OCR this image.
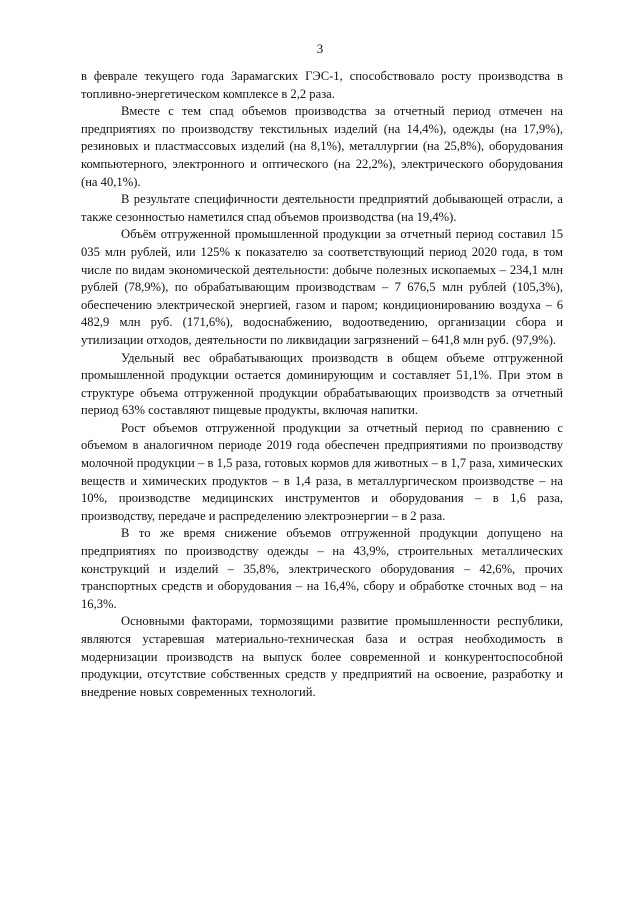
3

в феврале текущего года Зарамагских ГЭС-1, способствовало росту производства в топливно-энергетическом комплексе в 2,2 раза.

Вместе с тем спад объемов производства за отчетный период отмечен на предприятиях по производству текстильных изделий (на 14,4%), одежды (на 17,9%), резиновых и пластмассовых изделий (на 8,1%), металлургии (на 25,8%), оборудования компьютерного, электронного и оптического (на 22,2%), электрического оборудования (на 40,1%).

В результате специфичности деятельности предприятий добывающей отрасли, а также сезонностью наметился спад объемов производства (на 19,4%).

Объём отгруженной промышленной продукции за отчетный период составил 15 035 млн рублей, или 125% к показателю за соответствующий период 2020 года, в том числе по видам экономической деятельности: добыче полезных ископаемых – 234,1 млн рублей (78,9%), по обрабатывающим производствам – 7 676,5 млн рублей (105,3%), обеспечению электрической энергией, газом и паром; кондиционированию воздуха – 6 482,9 млн руб. (171,6%), водоснабжению, водоотведению, организации сбора и утилизации отходов, деятельности по ликвидации загрязнений – 641,8 млн руб. (97,9%).

Удельный вес обрабатывающих производств в общем объеме отгруженной промышленной продукции остается доминирующим и составляет 51,1%. При этом в структуре объема отгруженной продукции обрабатывающих производств за отчетный период 63% составляют пищевые продукты, включая напитки.

Рост объемов отгруженной продукции за отчетный период по сравнению с объемом в аналогичном периоде 2019 года обеспечен предприятиями по производству молочной продукции – в 1,5 раза, готовых кормов для животных – в 1,7 раза, химических веществ и химических продуктов – в 1,4 раза, в металлургическом производстве – на 10%, производстве медицинских инструментов и оборудования – в 1,6 раза, производству, передаче и распределению электроэнергии – в 2 раза.

В то же время снижение объемов отгруженной продукции допущено на предприятиях по производству одежды – на 43,9%, строительных металлических конструкций и изделий – 35,8%, электрического оборудования – 42,6%, прочих транспортных средств и оборудования – на 16,4%, сбору и обработке сточных вод – на 16,3%.

Основными факторами, тормозящими развитие промышленности республики, являются устаревшая материально-техническая база и острая необходимость в модернизации производств на выпуск более современной и конкурентоспособной продукции, отсутствие собственных средств у предприятий на освоение, разработку и внедрение новых современных технологий.
